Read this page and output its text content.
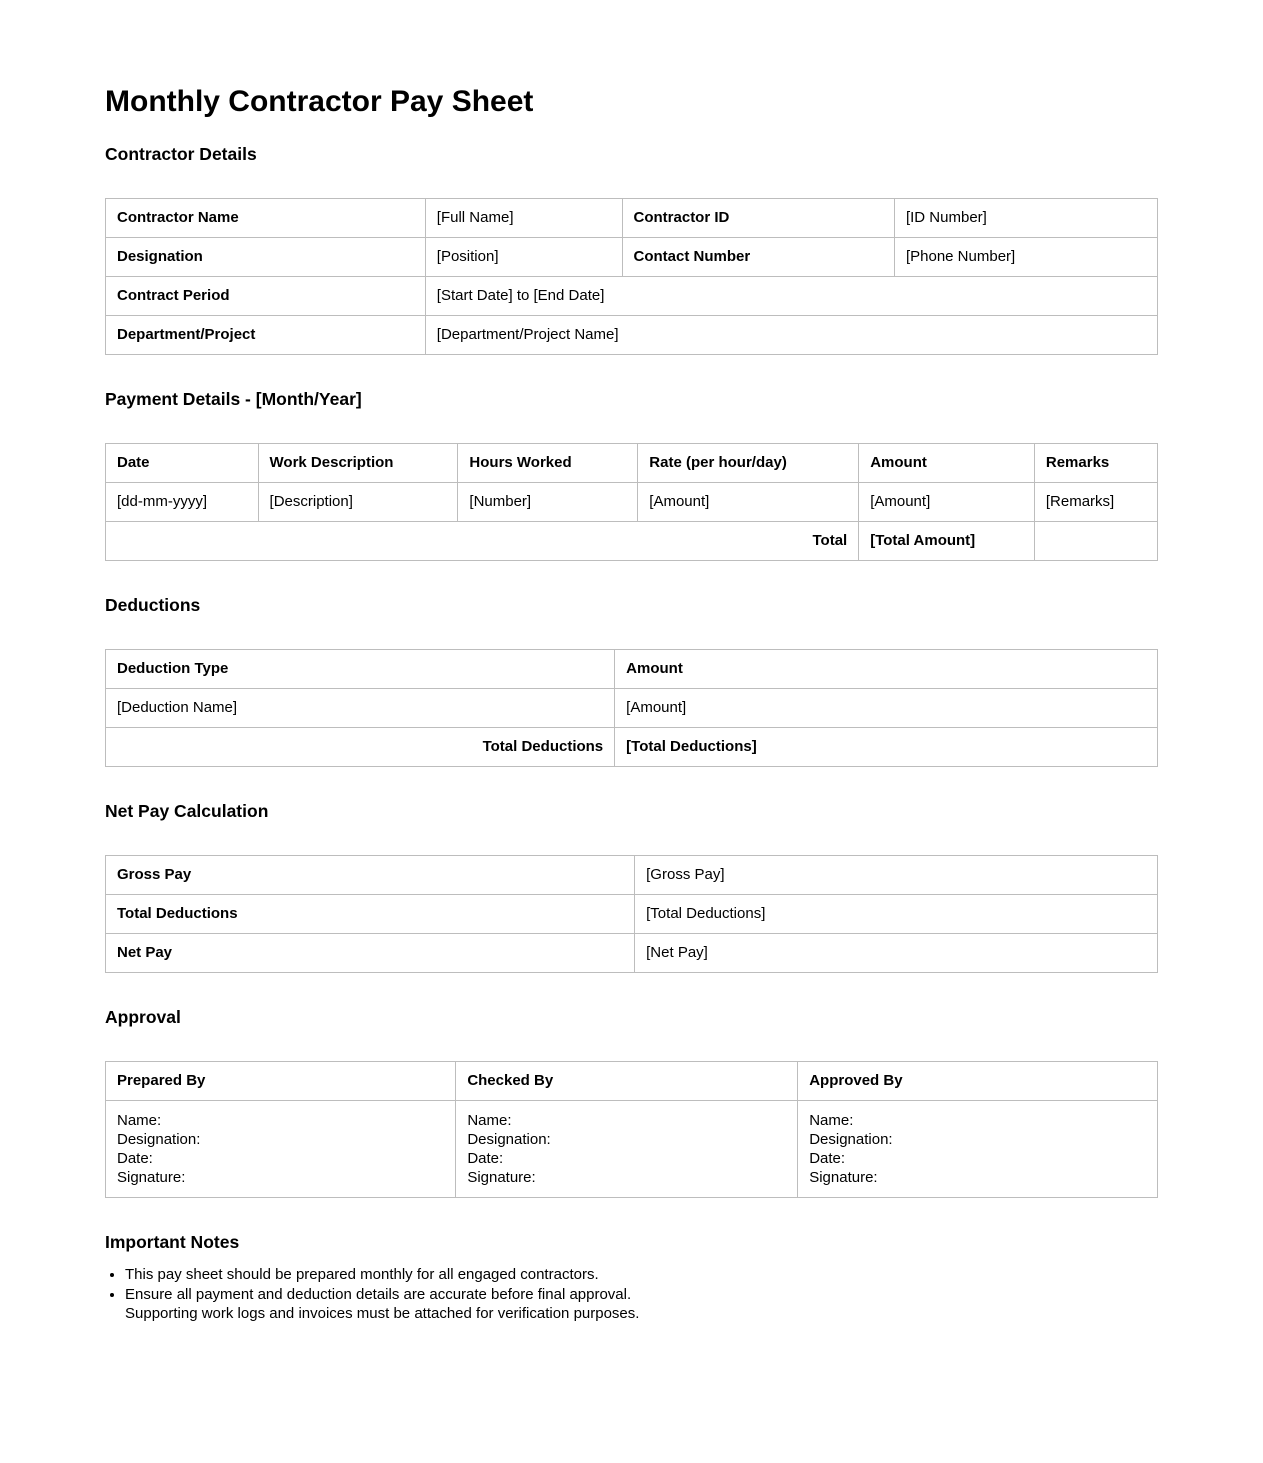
Monthly Contractor Pay Sheet
Contractor Details
Contractor Name	[Full Name]	Contractor ID	[ID Number]
Designation	[Position]	Contact Number	[Phone Number]
Contract Period	[Start Date] to [End Date]		
Department/Project	[Department/Project Name]		
Payment Details - [Month/Year]
Date	Work Description	Hours Worked	Rate (per hour/day)	Amount	Remarks
[dd-mm-yyyy]	[Description]	[Number]	[Amount]	[Amount]	[Remarks]
Total				[Total Amount]	
Deductions
Deduction Type	Amount
[Deduction Name]	[Amount]
Total Deductions	[Total Deductions]
Net Pay Calculation
Gross Pay	[Gross Pay]
Total Deductions	[Total Deductions]
Net Pay	[Net Pay]
Approval
Prepared By	Checked By	Approved By

Name:
Designation:
Date:
Signature:

Name:
Designation:
Date:
Signature:

Name:
Designation:
Date:
Signature:
Important Notes
• This pay sheet should be prepared monthly for all engaged contractors.
• Ensure all payment and deduction details are accurate before final approval.
Supporting work logs and invoices must be attached for verification purposes.
